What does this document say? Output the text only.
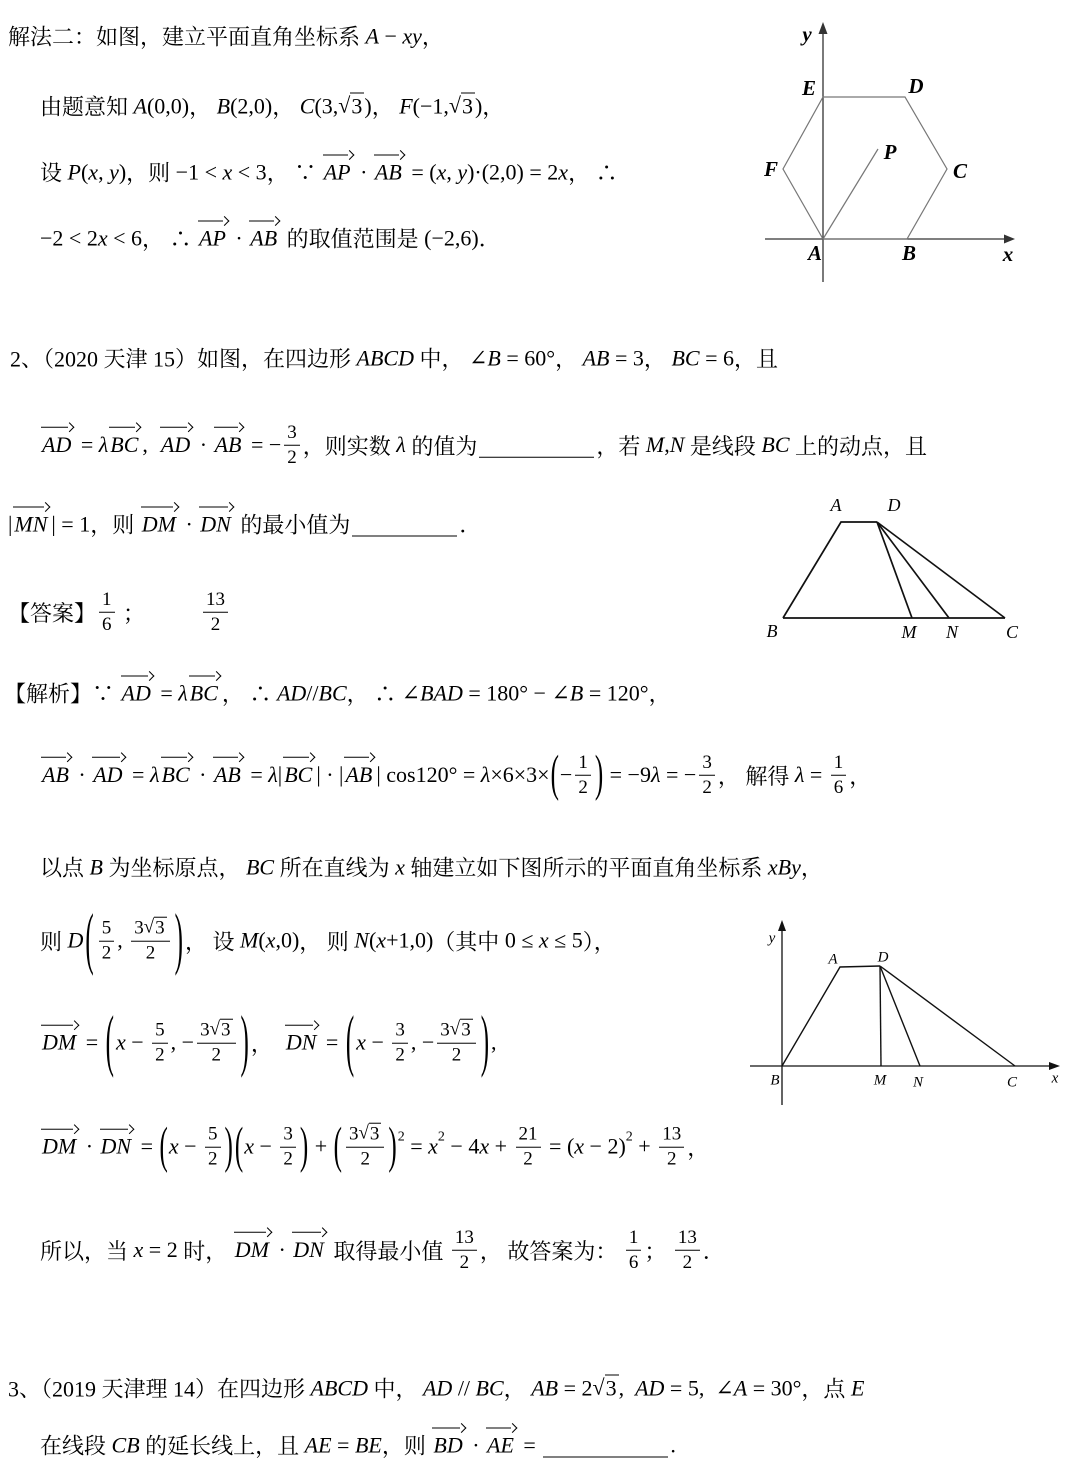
解法二：如图，建立平面直角坐标系 A − xy ，
由题意知 A (0,0) ， B (2,0) ， C (3, √ 3 ) ， F (−1, √ 3 ) ，
设 P ( x , y ) ，则 −1 < x < 3 ， ∵ AP · AB = ( x , y )·(2,0) = 2 x ， ∴
−2 < 2 x < 6 ， ∴ AP · AB 的取值范围是 (−2,6) ．
2、（2020 天津 15）如图，在四边形 ABCD 中， ∠ B = 60° ， AB = 3 ， BC = 6 ，且
AD = λ BC , AD · AB = − $\frac{3}{2}$ ，则实数 λ 的值为	，若 M , N 是线段 BC 上的动点，且
| MN | = 1 ，则 DM · DN 的最小值为	．
【答案】 $\frac{1}{6}$ ；	$\frac{13}{2}$
【解析】∵ AD = λ BC ， ∴ AD // BC ， ∴ ∠ BAD = 180° − ∠ B = 120° ，
AB · AD = λ BC · AB = λ | BC | · | AB | cos120° = λ ×6×3× ( − $\frac{1}{2}$ ) = −9 λ = − $\frac{3}{2}$ ， 解得 $\lambda = \frac{1}{6}$ ，
以点 B 为坐标原点， BC 所在直线为 x 轴建立如下图所示的平面直角坐标系 xBy ，
则 D ( $\frac{5}{2}$ , $\frac{3 √ 3}{2}$ ) ， 设 M ( x ,0) ， 则 N ( x +1,0) （其中 0 ≤ x ≤ 5 ），
DM = ( $x - \frac{5}{2}$ , − $\frac{3 √ 3}{2}$ ) ， DN = ( $x - \frac{3}{2}$ , − $\frac{3 √ 3}{2}$ ) ,
DM · DN = ( $x - \frac{5}{2}$ ) ( $x - \frac{3}{2}$ ) + ( $\frac{3 √ 3}{2}$ ) 2 = x 2 − 4 $x + \frac{21}{2}$ = ( x − 2) $2 + \frac{13}{2}$ ，
所以，当 x = 2 时， DM · DN 取得最小值 $\frac{13}{2}$ ， 故答案为： $\frac{1}{6}$ ； $\frac{13}{2}$ ．
3、（2019 天津理 14）在四边形 ABCD 中， AD // BC ， AB = 2 √ 3 , AD = 5,  ∠ A = 30° ，点 E
在线段 CB 的延长线上，且 AE = BE ，则 BD · AE =	.
y
E	D
F	C
P
A	B	x
A	D
B	M N	C
y
B
A	D
M N	C x
